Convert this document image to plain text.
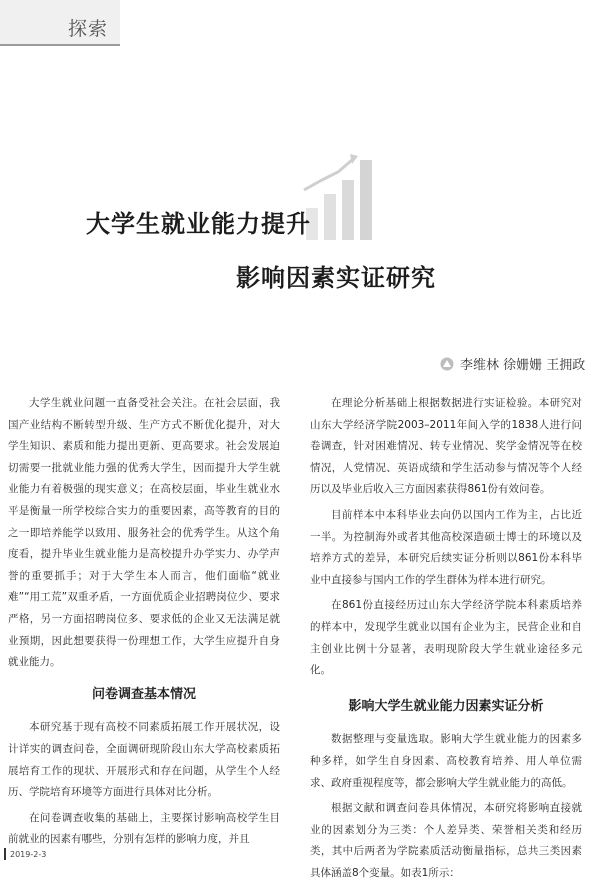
探索
大学生就业能力提升
影响因素实证研究
李维林 徐姗姗 王拥政

大学生就业问题一直备受社会关注。在社会层面，我国产业结构不断转型升级、生产方式不断优化提升，对大学生知识、素质和能力提出更新、更高要求。社会发展迫切需要一批就业能力强的优秀大学生，因而提升大学生就业能力有着极强的现实意义；在高校层面，毕业生就业水平是衡量一所学校综合实力的重要因素，高等教育的目的之一即培养能学以致用、服务社会的优秀学生。从这个角度看，提升毕业生就业能力是高校提升办学实力、办学声誉的重要抓手；对于大学生本人而言，他们面临“就业难”“用工荒”双重矛盾，一方面优质企业招聘岗位少、要求严格，另一方面招聘岗位多、要求低的企业又无法满足就业预期，因此想要获得一份理想工作，大学生应提升自身就业能力。

问卷调查基本情况

本研究基于现有高校不同素质拓展工作开展状况，设计详实的调查问卷，全面调研现阶段山东大学高校素质拓展培育工作的现状、开展形式和存在问题，从学生个人经历、学院培育环境等方面进行具体对比分析。

在问卷调查收集的基础上，主要探讨影响高校学生目前就业的因素有哪些，分别有怎样的影响力度，并且

在理论分析基础上根据数据进行实证检验。本研究对山东大学经济学院2003–2011年间入学的1838人进行问卷调查，针对困难情况、转专业情况、奖学金情况等在校情况，人党情况、英语成绩和学生活动参与情况等个人经历以及毕业后收入三方面因素获得861份有效问卷。

目前样本中本科毕业去向仍以国内工作为主，占比近一半。为控制海外或者其他高校深造硕士博士的环境以及培养方式的差异，本研究后续实证分析则以861份本科毕业中直接参与国内工作的学生群体为样本进行研究。

在861份直接经历过山东大学经济学院本科素质培养的样本中，发现学生就业以国有企业为主，民营企业和自主创业比例十分显著，表明现阶段大学生就业途径多元化。

影响大学生就业能力因素实证分析

数据整理与变量选取。影响大学生就业能力的因素多种多样，如学生自身因素、高校教育培养、用人单位需求、政府重视程度等，都会影响大学生就业能力的高低。

根据文献和调查问卷具体情况，本研究将影响直接就业的因素划分为三类：个人差异类、荣誉相关类和经历类，其中后两者为学院素质活动衡量指标，总共三类因素具体涵盖8个变量。如表1所示：

2019-2-3
